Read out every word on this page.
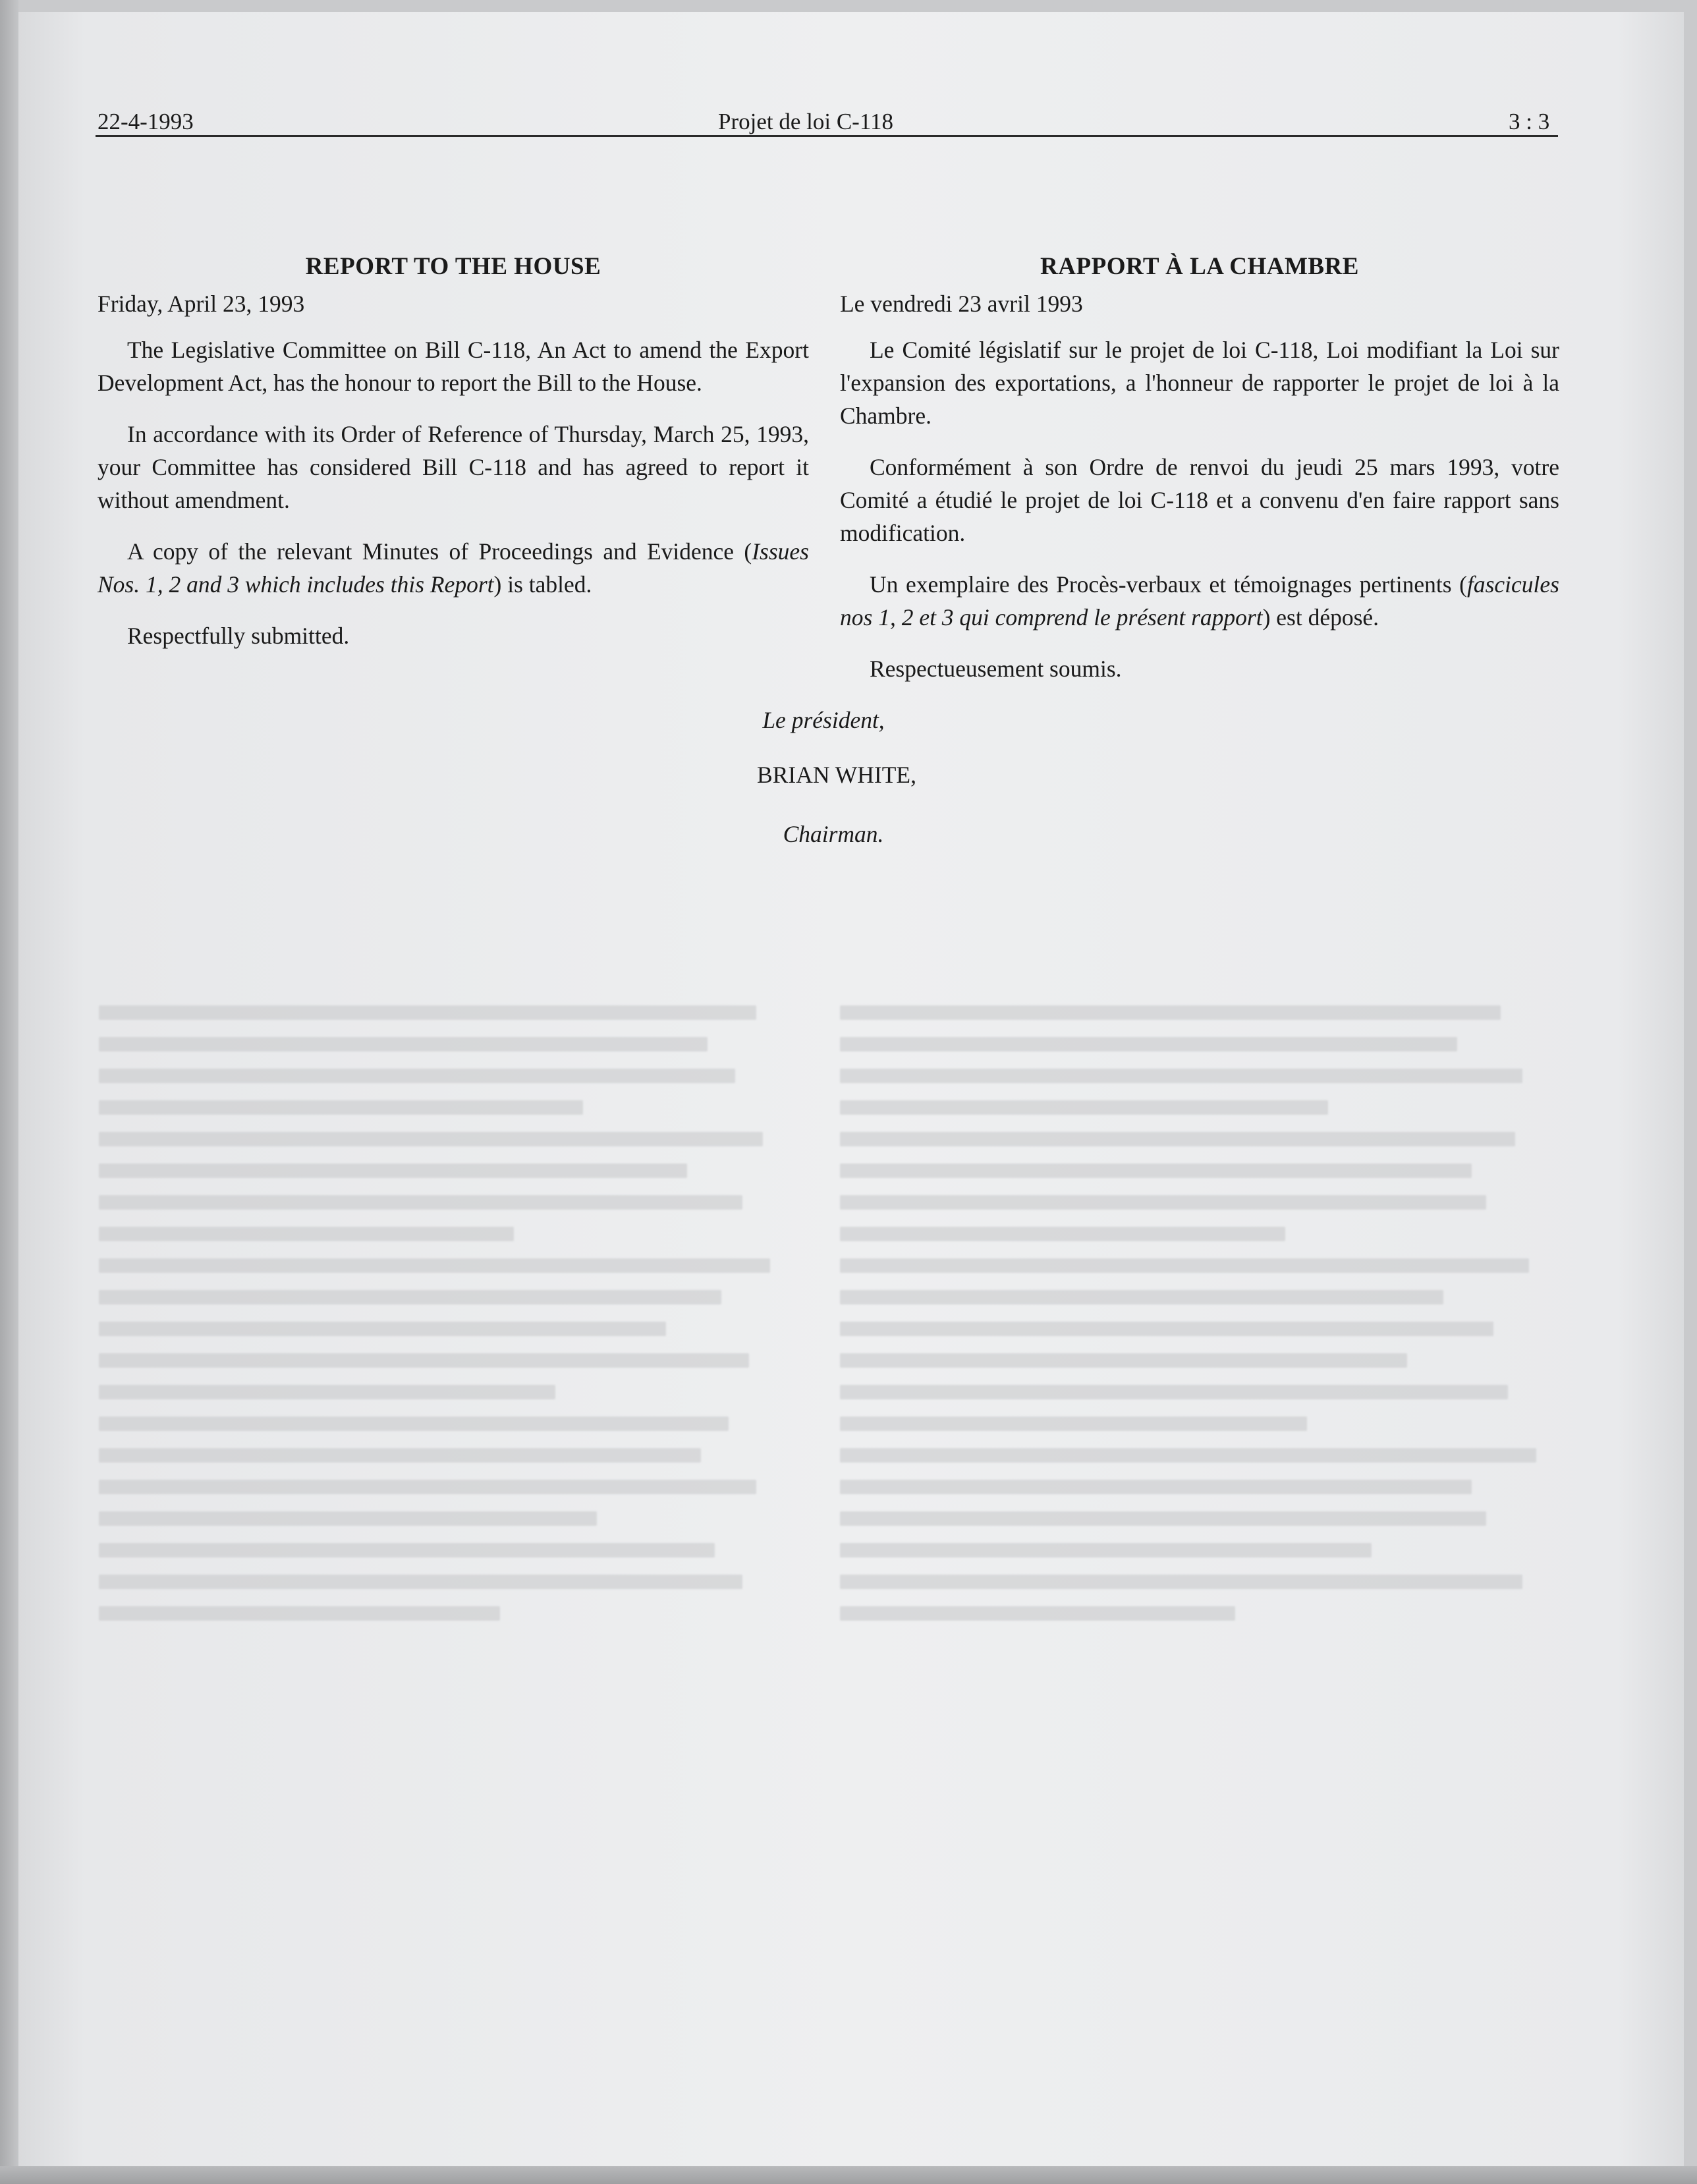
22-4-1993	Projet de loi C-118	3 : 3
REPORT TO THE HOUSE

Friday, April 23, 1993

The Legislative Committee on Bill C-118, An Act to amend the Export Development Act, has the honour to report the Bill to the House.

In accordance with its Order of Reference of Thursday, March 25, 1993, your Committee has considered Bill C-118 and has agreed to report it without amendment.

A copy of the relevant Minutes of Proceedings and Evidence (Issues Nos. 1, 2 and 3 which includes this Report) is tabled.

Respectfully submitted.

RAPPORT À LA CHAMBRE

Le vendredi 23 avril 1993

Le Comité législatif sur le projet de loi C-118, Loi modifiant la Loi sur l'expansion des exportations, a l'honneur de rapporter le projet de loi à la Chambre.

Conformément à son Ordre de renvoi du jeudi 25 mars 1993, votre Comité a étudié le projet de loi C-118 et a convenu d'en faire rapport sans modification.

Un exemplaire des Procès-verbaux et témoignages pertinents (fascicules nos 1, 2 et 3 qui comprend le présent rapport) est déposé.

Respectueusement soumis.

Le président,
BRIAN WHITE,
Chairman.
